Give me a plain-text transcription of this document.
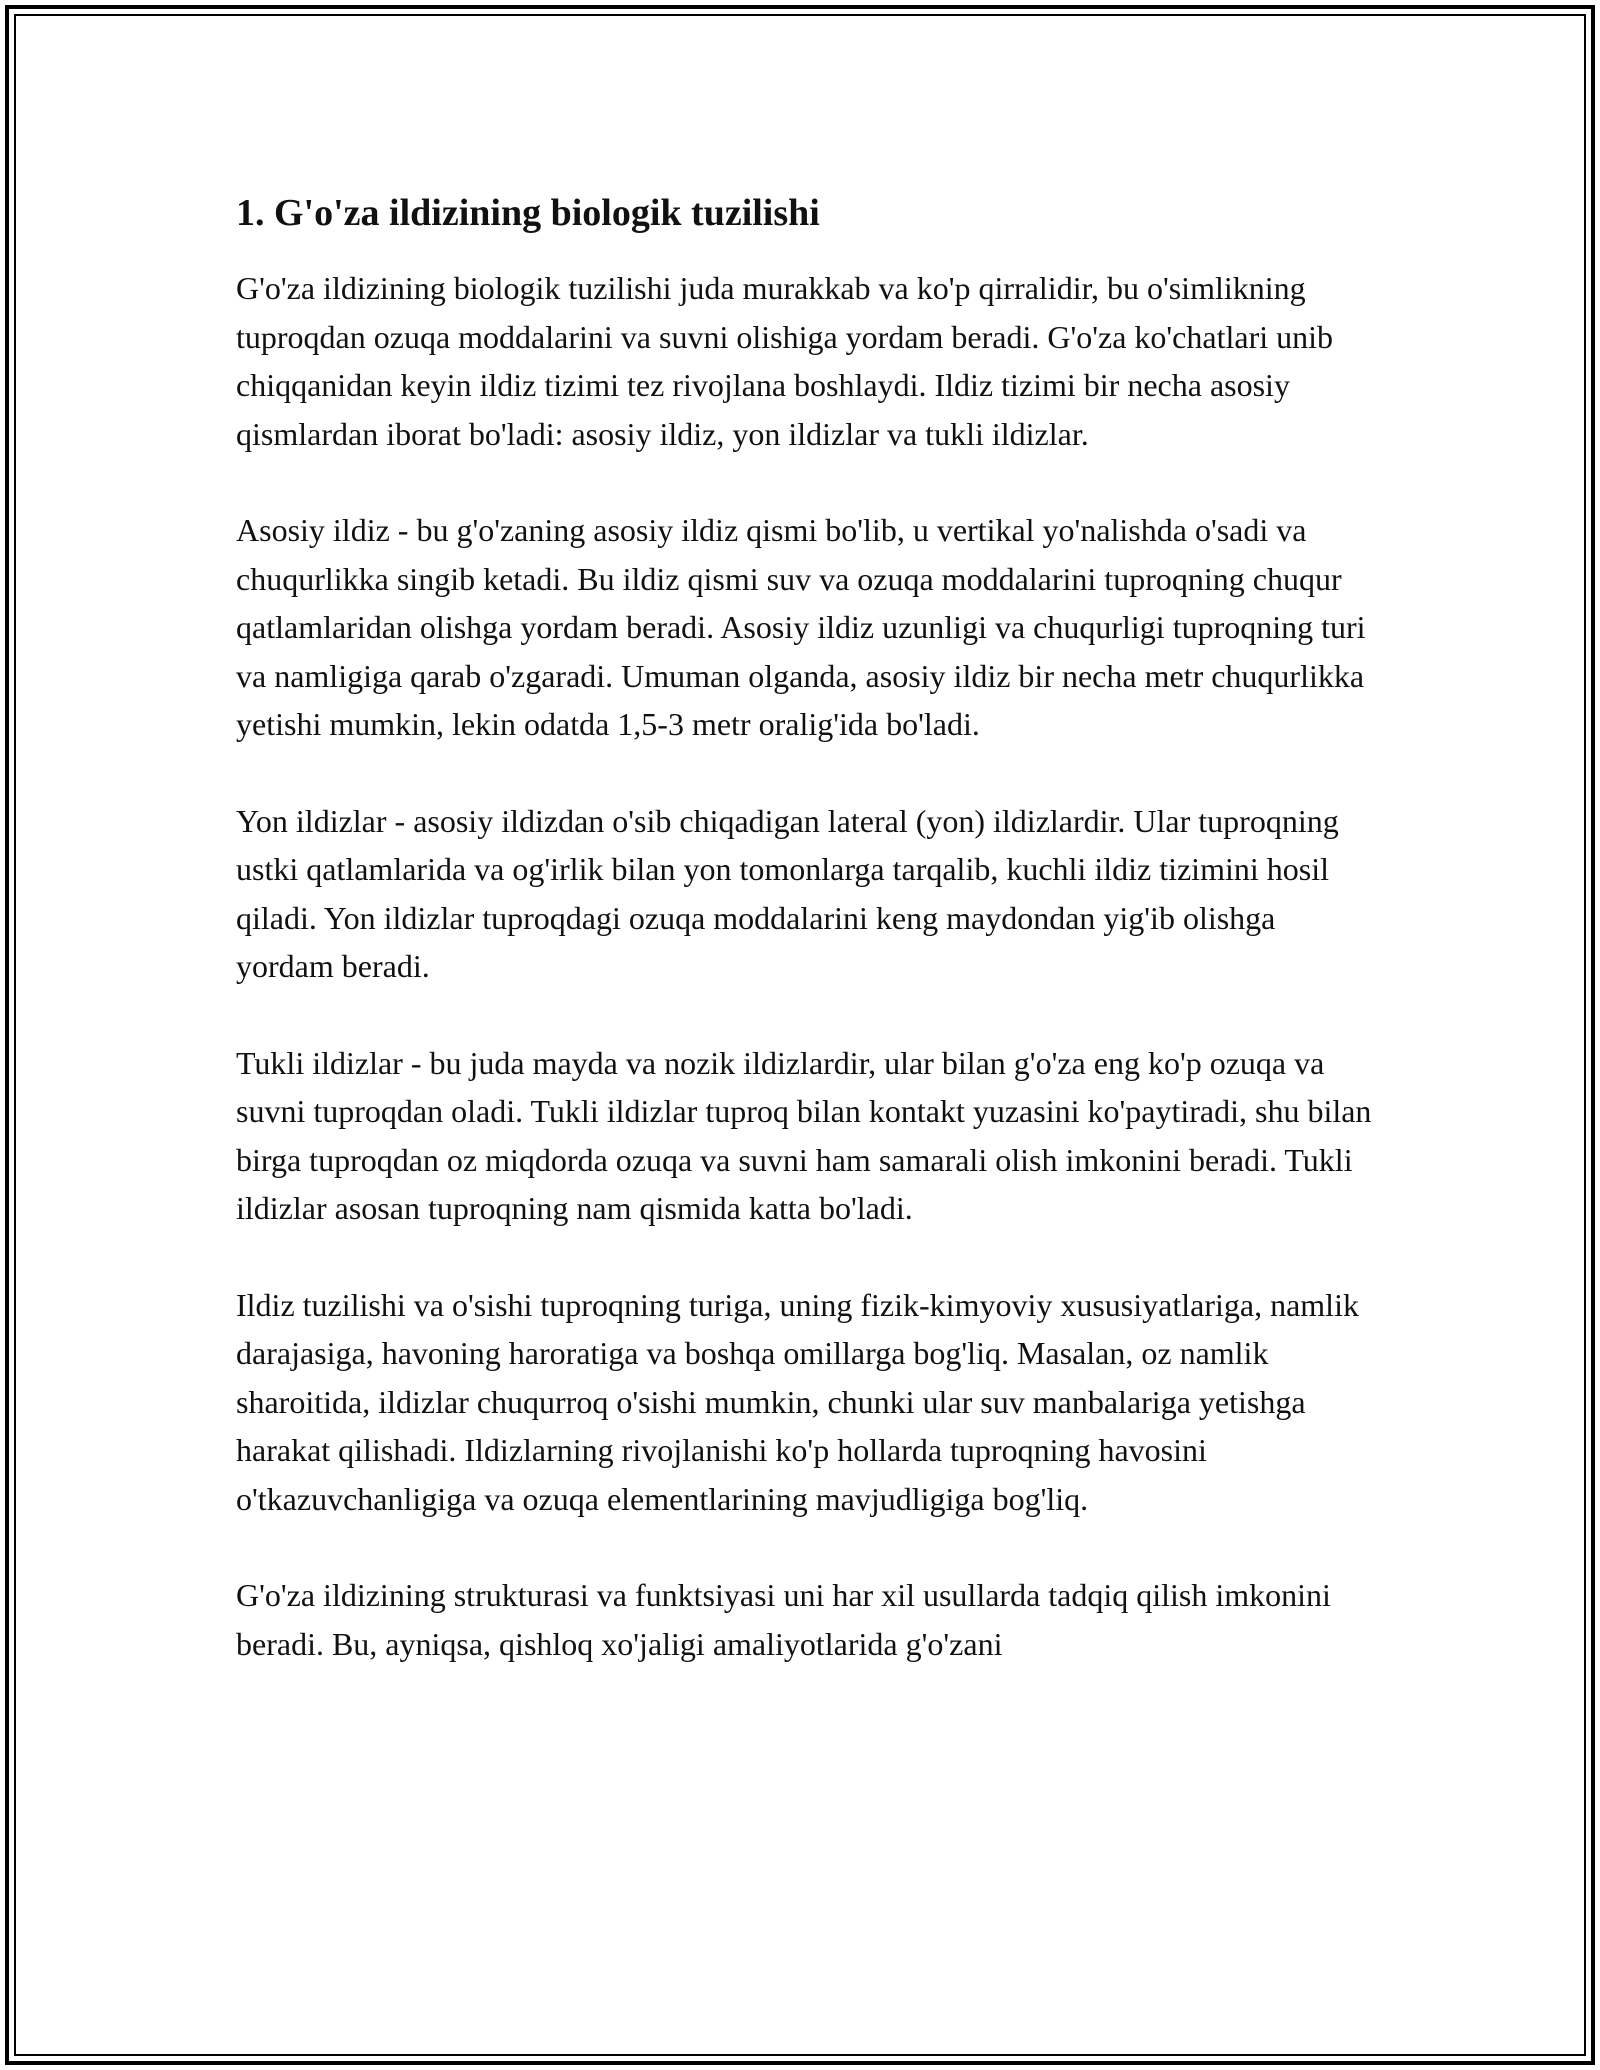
1. G'o'za ildizining biologik tuzilishi

G'o'za ildizining biologik tuzilishi juda murakkab va ko'p qirralidir, bu o'simlikning tuproqdan ozuqa moddalarini va suvni olishiga yordam beradi. G'o'za ko'chatlari unib chiqqanidan keyin ildiz tizimi tez rivojlana boshlaydi. Ildiz tizimi bir necha asosiy qismlardan iborat bo'ladi: asosiy ildiz, yon ildizlar va tukli ildizlar.

Asosiy ildiz - bu g'o'zaning asosiy ildiz qismi bo'lib, u vertikal yo'nalishda o'sadi va chuqurlikka singib ketadi. Bu ildiz qismi suv va ozuqa moddalarini tuproqning chuqur qatlamlaridan olishga yordam beradi. Asosiy ildiz uzunligi va chuqurligi tuproqning turi va namligiga qarab o'zgaradi. Umuman olganda, asosiy ildiz bir necha metr chuqurlikka yetishi mumkin, lekin odatda 1,5-3 metr oralig'ida bo'ladi.

Yon ildizlar - asosiy ildizdan o'sib chiqadigan lateral (yon) ildizlardir. Ular tuproqning ustki qatlamlarida va og'irlik bilan yon tomonlarga tarqalib, kuchli ildiz tizimini hosil qiladi. Yon ildizlar tuproqdagi ozuqa moddalarini keng maydondan yig'ib olishga yordam beradi.

Tukli ildizlar - bu juda mayda va nozik ildizlardir, ular bilan g'o'za eng ko'p ozuqa va suvni tuproqdan oladi. Tukli ildizlar tuproq bilan kontakt yuzasini ko'paytiradi, shu bilan birga tuproqdan oz miqdorda ozuqa va suvni ham samarali olish imkonini beradi. Tukli ildizlar asosan tuproqning nam qismida katta bo'ladi.

Ildiz tuzilishi va o'sishi tuproqning turiga, uning fizik-kimyoviy xususiyatlariga, namlik darajasiga, havoning haroratiga va boshqa omillarga bog'liq. Masalan, oz namlik sharoitida, ildizlar chuqurroq o'sishi mumkin, chunki ular suv manbalariga yetishga harakat qilishadi. Ildizlarning rivojlanishi ko'p hollarda tuproqning havosini o'tkazuvchanligiga va ozuqa elementlarining mavjudligiga bog'liq.

G'o'za ildizining strukturasi va funktsiyasi uni har xil usullarda tadqiq qilish imkonini beradi. Bu, ayniqsa, qishloq xo'jaligi amaliyotlarida g'o'zani
